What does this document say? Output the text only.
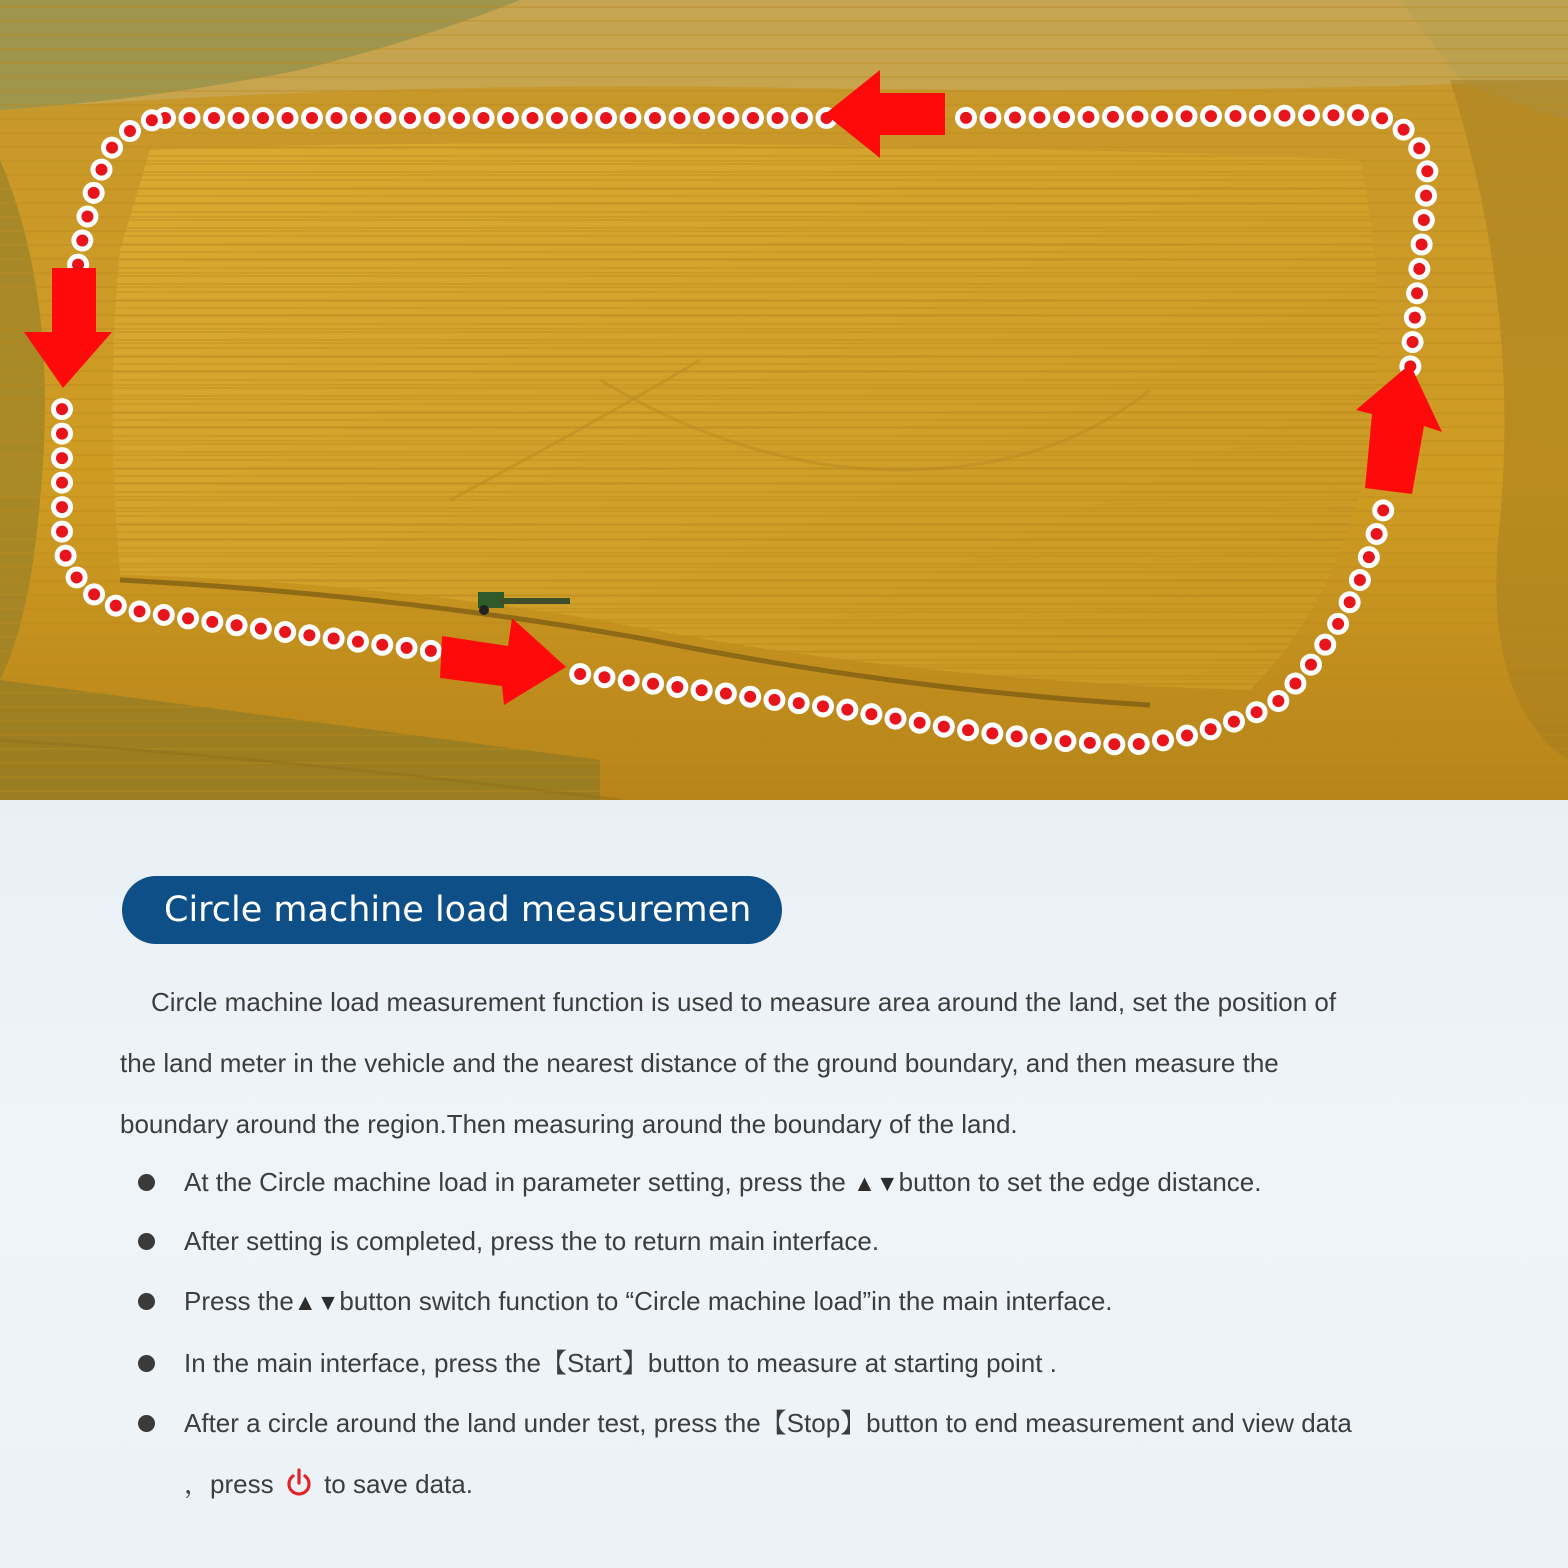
Circle machine load measuremen
Circle machine load measurement function is used to measure area around the land, set the position of
the land meter in the vehicle and the nearest distance of the ground boundary, and then measure the
boundary around the region.Then measuring around the boundary of the land.
At the Circle machine load in parameter setting, press the ▲▼button to set the edge distance.
After setting is completed, press the to return main interface.
Press the▲▼button switch function to “Circle machine load”in the main interface.
In the main interface, press the【Start】button to measure at starting point .
After a circle around the land under test, press the【Stop】button to end measurement and view data
，press to save data.
